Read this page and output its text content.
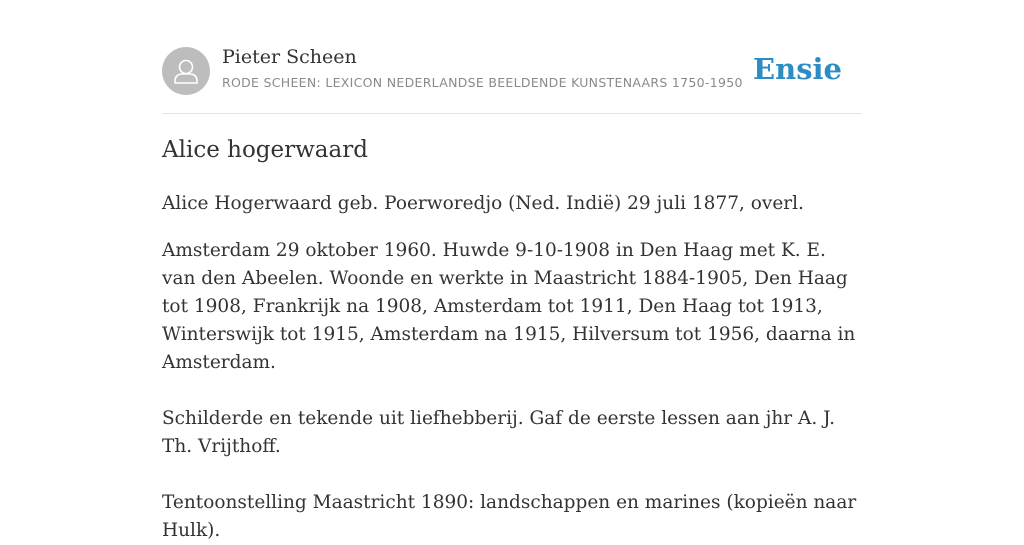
Pieter Scheen
RODE SCHEEN: LEXICON NEDERLANDSE BEELDENDE KUNSTENAARS 1750-1950 Ensie
Alice hogerwaard

Alice Hogerwaard geb. Poerworedjo (Ned. Indië) 29 juli 1877, overl.

Amsterdam 29 oktober 1960. Huwde 9-10-1908 in Den Haag met K. E. van den Abeelen. Woonde en werkte in Maastricht 1884-1905, Den Haag tot 1908, Frankrijk na 1908, Amsterdam tot 1911, Den Haag tot 1913, Winterswijk tot 1915, Amsterdam na 1915, Hilversum tot 1956, daarna in Amsterdam.

Schilderde en tekende uit liefhebberij. Gaf de eerste lessen aan jhr A. J. Th. Vrijthoff.

Tentoonstelling Maastricht 1890: landschappen en marines (kopieën naar Hulk).
